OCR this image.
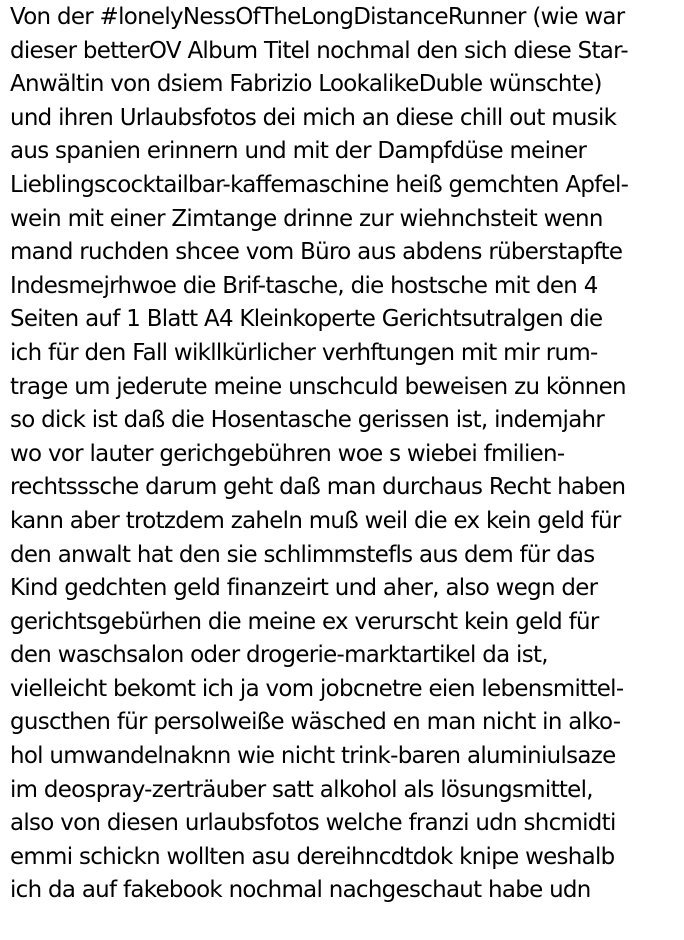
Von der #lonelyNessOfTheLongDistanceRunner (wie war
dieser betterOV Album Titel nochmal den sich diese Star-
Anwältin von dsiem Fabrizio LookalikeDuble wünschte)
und ihren Urlaubsfotos dei mich an diese chill out musik
aus spanien erinnern und mit der Dampfdüse meiner
Lieblingscocktailbar-kaffemaschine heiß gemchten Apfel-
wein mit einer Zimtange drinne zur wiehnchsteit wenn
mand ruchden shcee vom Büro aus abdens rüberstapfte
Indesmejrhwoe die Brif-tasche, die hostsche mit den 4
Seiten auf 1 Blatt A4 Kleinkoperte Gerichtsutralgen die
ich für den Fall wikllkürlicher verhftungen mit mir rum-
trage um jederute meine unschculd beweisen zu können
so dick ist daß die Hosentasche gerissen ist, indemjahr
wo vor lauter gerichgebühren woe s wiebei fmilien-
rechtsssche darum geht daß man durchaus Recht haben
kann aber trotzdem zaheln muß weil die ex kein geld für
den anwalt hat den sie schlimmstefls aus dem für das
Kind gedchten geld finanzeirt und aher, also wegn der
gerichtsgebürhen die meine ex verurscht kein geld für
den waschsalon oder drogerie-marktartikel da ist,
vielleicht bekomt ich ja vom jobcnetre eien lebensmittel-
guscthen für persolweiße wäsched en man nicht in alko-
hol umwandelnaknn wie nicht trink-baren aluminiulsaze
im deospray-zerträuber satt alkohol als lösungsmittel,
also von diesen urlaubsfotos welche franzi udn shcmidti
emmi schickn wollten asu dereihncdtdok knipe weshalb
ich da auf fakebook nochmal nachgeschaut habe udn
